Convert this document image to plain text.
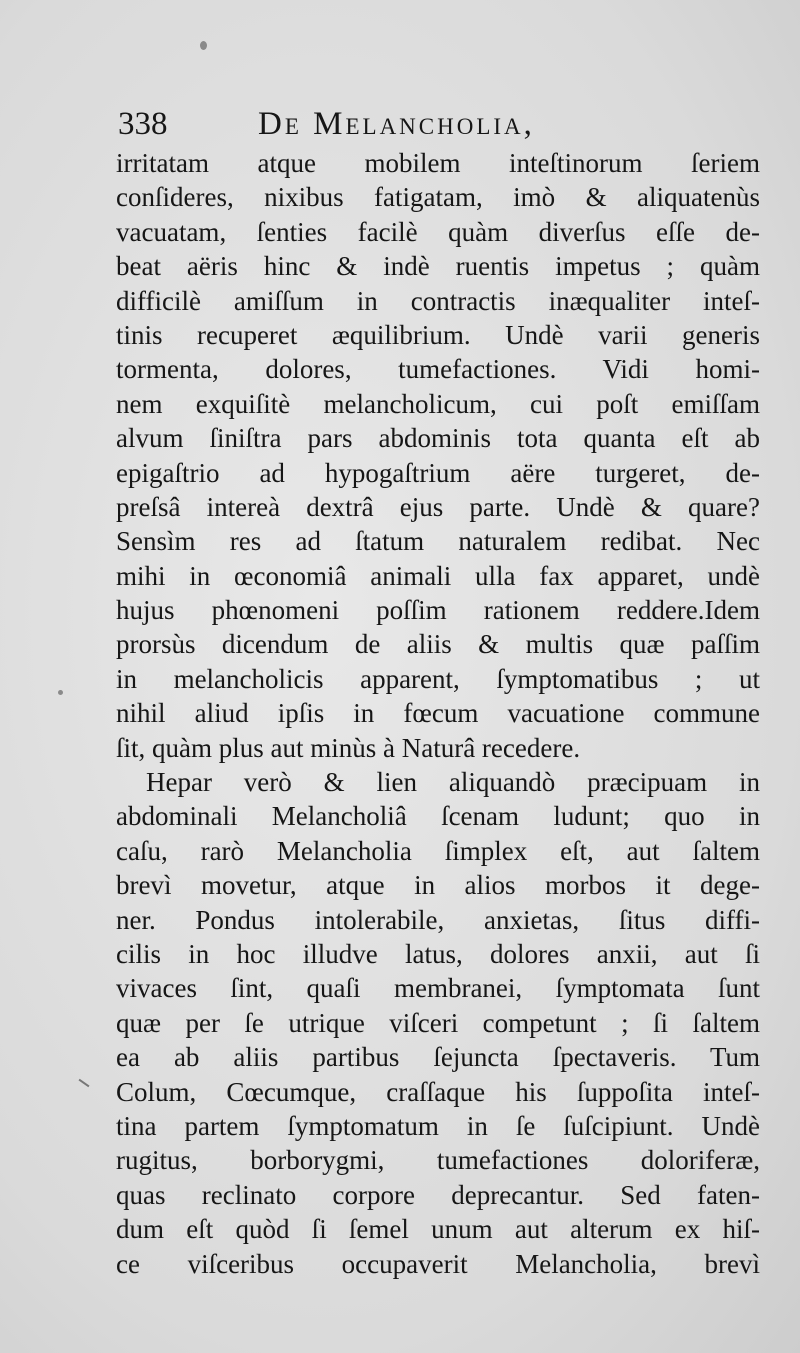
338	De Melancholia,
irritatam atque mobilem inteſtinorum ſeriem
conſideres, nixibus fatigatam, imò & aliquatenùs
vacuatam, ſenties facilè quàm diverſus eſſe de-
beat aëris hinc & indè ruentis impetus ; quàm
difficilè amiſſum in contractis inæqualiter inteſ-
tinis recuperet æquilibrium. Undè varii generis
tormenta, dolores, tumefactiones. Vidi homi-
nem exquiſitè melancholicum, cui poſt emiſſam
alvum ſiniſtra pars abdominis tota quanta eſt ab
epigaſtrio ad hypogaſtrium aëre turgeret, de-
preſsâ intereà dextrâ ejus parte. Undè & quare?
Sensìm res ad ſtatum naturalem redibat. Nec
mihi in œconomiâ animali ulla fax apparet, undè
hujus phœnomeni poſſim rationem reddere.Idem
prorsùs dicendum de aliis & multis quæ paſſim
in melancholicis apparent, ſymptomatibus ; ut
nihil aliud ipſis in fœcum vacuatione commune
ſit, quàm plus aut minùs à Naturâ recedere.
Hepar verò & lien aliquandò præcipuam in
abdominali Melancholiâ ſcenam ludunt; quo in
caſu, rarò Melancholia ſimplex eſt, aut ſaltem
brevì movetur, atque in alios morbos it dege-
ner. Pondus intolerabile, anxietas, ſitus diffi-
cilis in hoc illudve latus, dolores anxii, aut ſi
vivaces ſint, quaſi membranei, ſymptomata ſunt
quæ per ſe utrique viſceri competunt ; ſi ſaltem
ea ab aliis partibus ſejuncta ſpectaveris. Tum
Colum, Cœcumque, craſſaque his ſuppoſita inteſ-
tina partem ſymptomatum in ſe ſuſcipiunt. Undè
rugitus, borborygmi, tumefactiones doloriferæ,
quas reclinato corpore deprecantur. Sed faten-
dum eſt quòd ſi ſemel unum aut alterum ex hiſ-
ce viſceribus occupaverit Melancholia, brevì
